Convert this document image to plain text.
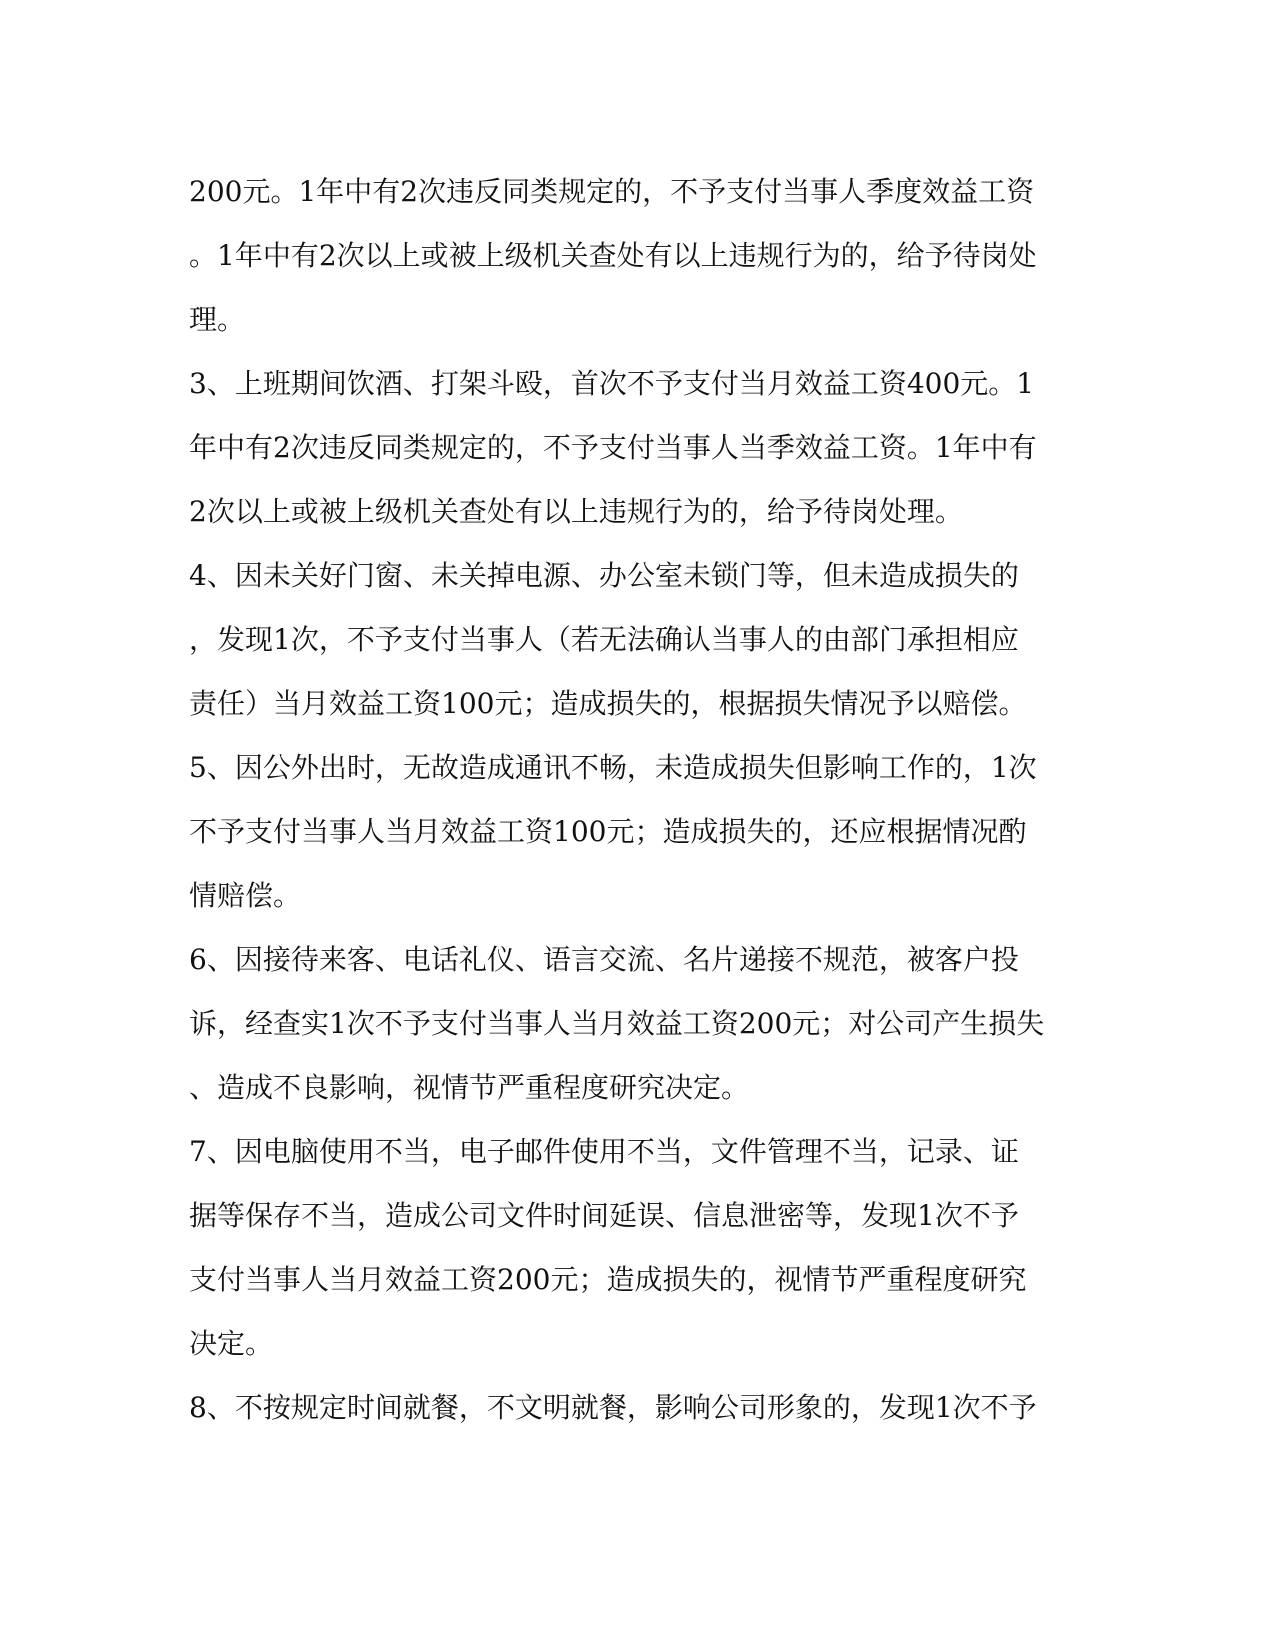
200元。1年中有2次违反同类规定的，不予支付当事人季度效益工资
。1年中有2次以上或被上级机关查处有以上违规行为的，给予待岗处
理。
3、上班期间饮酒、打架斗殴，首次不予支付当月效益工资400元。1
年中有2次违反同类规定的，不予支付当事人当季效益工资。1年中有
2次以上或被上级机关查处有以上违规行为的，给予待岗处理。
4、因未关好门窗、未关掉电源、办公室未锁门等，但未造成损失的
，发现1次，不予支付当事人（若无法确认当事人的由部门承担相应
责任）当月效益工资100元；造成损失的，根据损失情况予以赔偿。
5、因公外出时，无故造成通讯不畅，未造成损失但影响工作的，1次
不予支付当事人当月效益工资100元；造成损失的，还应根据情况酌
情赔偿。
6、因接待来客、电话礼仪、语言交流、名片递接不规范，被客户投
诉，经查实1次不予支付当事人当月效益工资200元；对公司产生损失
、造成不良影响，视情节严重程度研究决定。
7、因电脑使用不当，电子邮件使用不当，文件管理不当，记录、证
据等保存不当，造成公司文件时间延误、信息泄密等，发现1次不予
支付当事人当月效益工资200元；造成损失的，视情节严重程度研究
决定。
8、不按规定时间就餐，不文明就餐，影响公司形象的，发现1次不予
